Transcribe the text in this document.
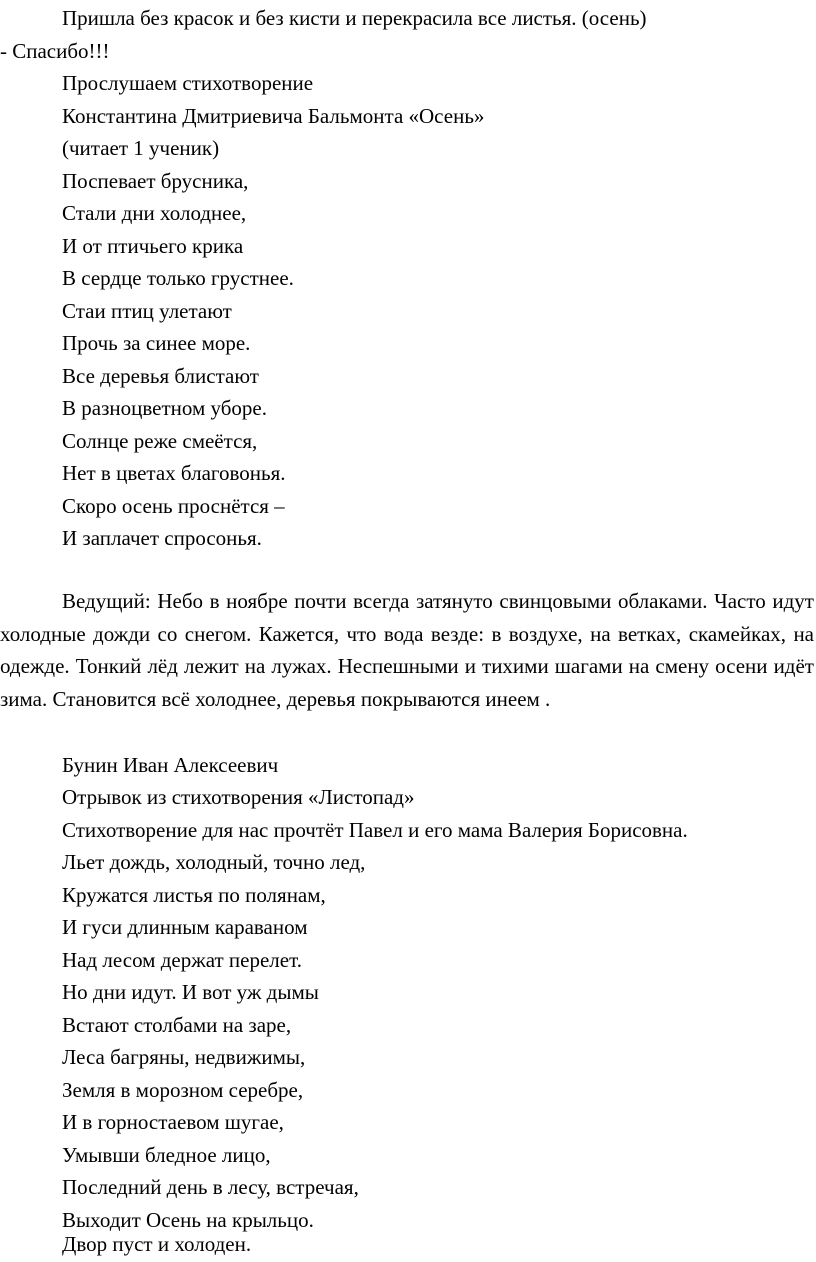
Пришла без красок и без кисти и перекрасила все листья. (осень)
- Спасибо!!!
Прослушаем стихотворение
Константина Дмитриевича Бальмонта «Осень»
(читает 1 ученик)
Поспевает брусника,
Стали дни холоднее,
И от птичьего крика
В сердце только грустнее.
Стаи птиц улетают
Прочь за синее море.
Все деревья блистают
В разноцветном уборе.
Солнце реже смеётся,
Нет в цветах благовонья.
Скоро осень проснётся –
И заплачет спросонья.

Ведущий: Небо в ноябре почти всегда затянуто свинцовыми облаками. Часто идут холодные дожди со снегом. Кажется, что вода везде: в воздухе, на ветках, скамейках, на одежде. Тонкий лёд лежит на лужах. Неспешными и тихими шагами на смену осени идёт зима. Становится всё холоднее, деревья покрываются инеем .

Бунин Иван Алексеевич
Отрывок из стихотворения «Листопад»
Стихотворение для нас прочтёт Павел и его мама Валерия Борисовна.
Льет дождь, холодный, точно лед,
Кружатся листья по полянам,
И гуси длинным караваном
Над лесом держат перелет.
Но дни идут. И вот уж дымы
Встают столбами на заре,
Леса багряны, недвижимы,
Земля в морозном серебре,
И в горностаевом шугае,
Умывши бледное лицо,
Последний день в лесу, встречая,
Выходит Осень на крыльцо.
Двор пуст и холоден.
